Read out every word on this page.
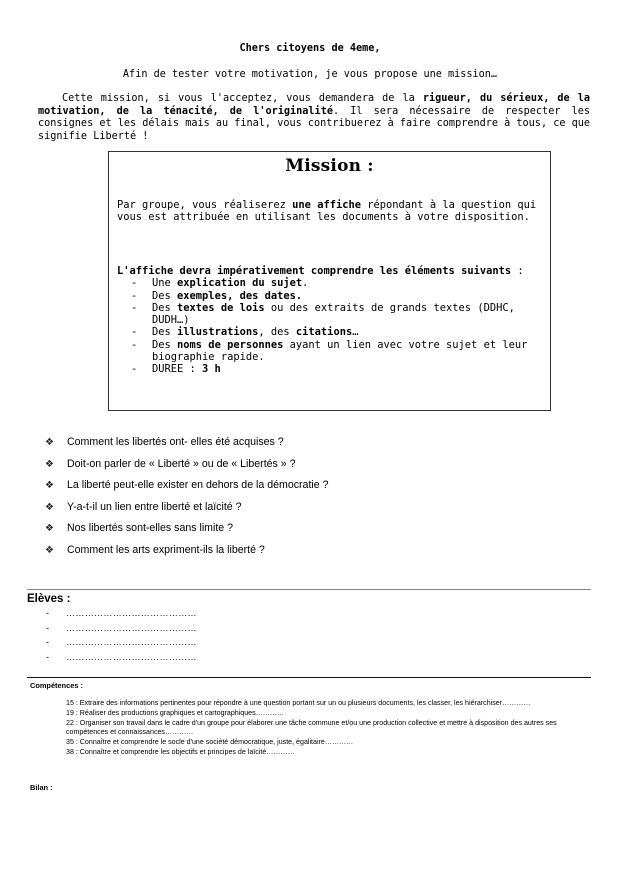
Chers citoyens de 4eme,
Afin de tester votre motivation, je vous propose une mission…
Cette mission, si vous l'acceptez, vous demandera de la rigueur, du sérieux, de la motivation, de la ténacité, de l'originalité. Il sera nécessaire de respecter les consignes et les délais mais au final, vous contribuerez à faire comprendre à tous, ce que signifie Liberté !
Mission :
Par groupe, vous réaliserez une affiche répondant à la question qui vous est attribuée en utilisant les documents à votre disposition.
L'affiche devra impérativement comprendre les éléments suivants :
- Une explication du sujet.
- Des exemples, des dates.
- Des textes de lois ou des extraits de grands textes (DDHC, DUDH…)
- Des illustrations, des citations…
- Des noms de personnes ayant un lien avec votre sujet et leur biographie rapide.
- DUREE : 3 h
❖	Comment les libertés ont- elles été acquises ?
❖	Doit-on parler de « Liberté » ou de « Libertés » ?
❖	La liberté peut-elle exister en dehors de la démocratie ?
❖	Y-a-t-il un lien entre liberté et laïcité ?
❖	Nos libertés sont-elles sans limite ?
❖	Comment les arts expriment-ils la liberté ?
Elèves :
- ……………………………………
- ……………………………………
- ……………………………………
- ……………………………………
Compétences :
15 : Extraire des informations pertinentes pour répondre à une question portant sur un ou plusieurs documents, les classer, les hiérarchiser…………
19 : Réaliser des productions graphiques et cartographiques…………
22 : Organiser son travail dans le cadre d'un groupe pour élaborer une tâche commune et/ou une production collective et mettre à disposition des autres ses compétences et connaissances…………
35 : Connaître et comprendre le socle d'une société démocratique, juste, égalitaire…………
38 : Connaître et comprendre les objectifs et principes de laïcité…………
Bilan :
